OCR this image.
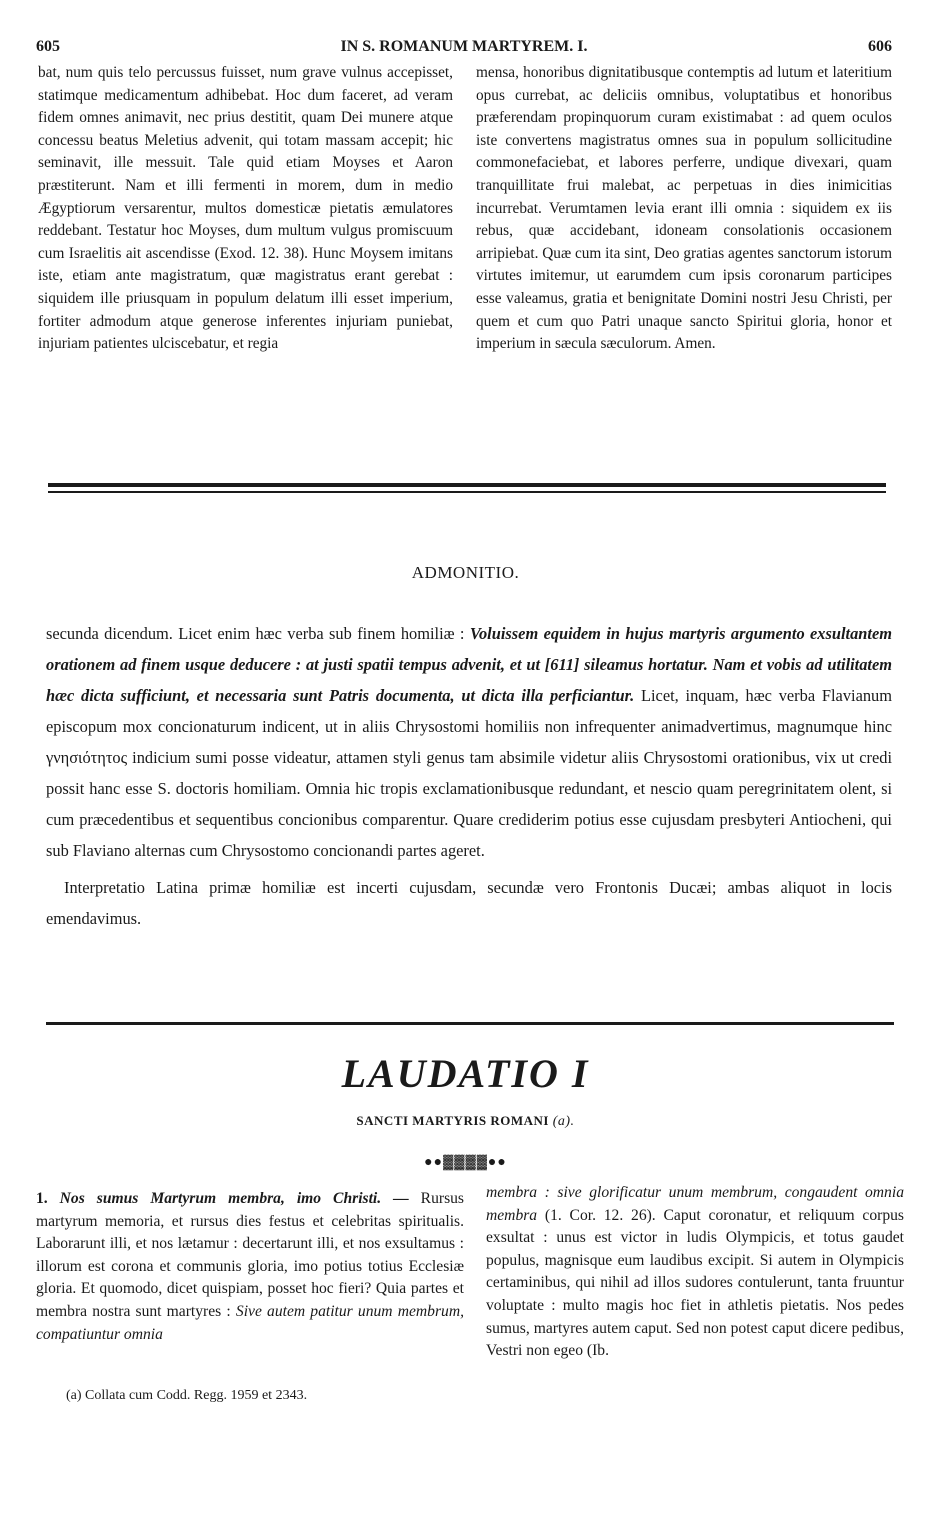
605	IN S. ROMANUM MARTYREM. I.	606

bat, num quis telo percussus fuisset, num grave vulnus accepisset, statimque medicamentum adhibebat. Hoc dum faceret, ad veram fidem omnes animavit, nec prius destitit, quam Dei munere atque concessu beatus Meletius advenit, qui totam massam accepit; hic seminavit, ille messuit. Tale quid etiam Moyses et Aaron præstiterunt. Nam et illi fermenti in morem, dum in medio Ægyptiorum versarentur, multos domesticæ pietatis æmulatores reddebant. Testatur hoc Moyses, dum multum vulgus promiscuum cum Israelitis ait ascendisse (Exod. 12. 38). Hunc Moysem imitans iste, etiam ante magistratum, quæ magistratus erant gerebat : siquidem ille priusquam in populum delatum illi esset imperium, fortiter admodum atque generose inferentes injuriam puniebat, injuriam patientes ulciscebatur, et regia

mensa, honoribus dignitatibusque contemptis ad lutum et lateritium opus currebat, ac deliciis omnibus, voluptatibus et honoribus præferendam propinquorum curam existimabat : ad quem oculos iste convertens magistratus omnes sua in populum sollicitudine commonefaciebat, et labores perferre, undique divexari, quam tranquillitate frui malebat, ac perpetuas in dies inimicitias incurrebat. Verumtamen levia erant illi omnia : siquidem ex iis rebus, quæ accidebant, idoneam consolationis occasionem arripiebat. Quæ cum ita sint, Deo gratias agentes sanctorum istorum virtutes imitemur, ut earumdem cum ipsis coronarum participes esse valeamus, gratia et benignitate Domini nostri Jesu Christi, per quem et cum quo Patri unaque sancto Spiritui gloria, honor et imperium in sæcula sæculorum. Amen.

ADMONITIO.

secunda dicendum. Licet enim hæc verba sub finem homiliæ : Voluissem equidem in hujus martyris argumento exsultantem orationem ad finem usque deducere : at justi spatii tempus advenit, et ut [611] sileamus hortatur. Nam et vobis ad utilitatem hæc dicta sufficiunt, et necessaria sunt Patris documenta, ut dicta illa perficiantur. Licet, inquam, hæc verba Flavianum episcopum mox concionaturum indicent, ut in aliis Chrysostomi homiliis non infrequenter animadvertimus, magnumque hinc γνησιότητος indicium sumi posse videatur, attamen styli genus tam absimile videtur aliis Chrysostomi orationibus, vix ut credi possit hanc esse S. doctoris homiliam. Omnia hic tropis exclamationibusque redundant, et nescio quam peregrinitatem olent, si cum præcedentibus et sequentibus concionibus comparentur. Quare crediderim potius esse cujusdam presbyteri Antiocheni, qui sub Flaviano alternas cum Chrysostomo concionandi partes ageret.

Interpretatio Latina primæ homiliæ est incerti cujusdam, secundæ vero Frontonis Ducæi; ambas aliquot in locis emendavimus.

LAUDATIO I
SANCTI MARTYRIS ROMANI (a).
●●▓▓▓▓●●

1. Nos sumus Martyrum membra, imo Christi. — Rursus martyrum memoria, et rursus dies festus et celebritas spiritualis. Laborarunt illi, et nos lætamur : decertarunt illi, et nos exsultamus : illorum est corona et communis gloria, imo potius totius Ecclesiæ gloria. Et quomodo, dicet quispiam, posset hoc fieri? Quia partes et membra nostra sunt martyres : Sive autem patitur unum membrum, compatiuntur omnia

(a) Collata cum Codd. Regg. 1959 et 2343.

membra : sive glorificatur unum membrum, congaudent omnia membra (1. Cor. 12. 26). Caput coronatur, et reliquum corpus exsultat : unus est victor in ludis Olympicis, et totus gaudet populus, magnisque eum laudibus excipit. Si autem in Olympicis certaminibus, qui nihil ad illos sudores contulerunt, tanta fruuntur voluptate : multo magis hoc fiet in athletis pietatis. Nos pedes sumus, martyres autem caput. Sed non potest caput dicere pedibus, Vestri non egeo (Ib.
